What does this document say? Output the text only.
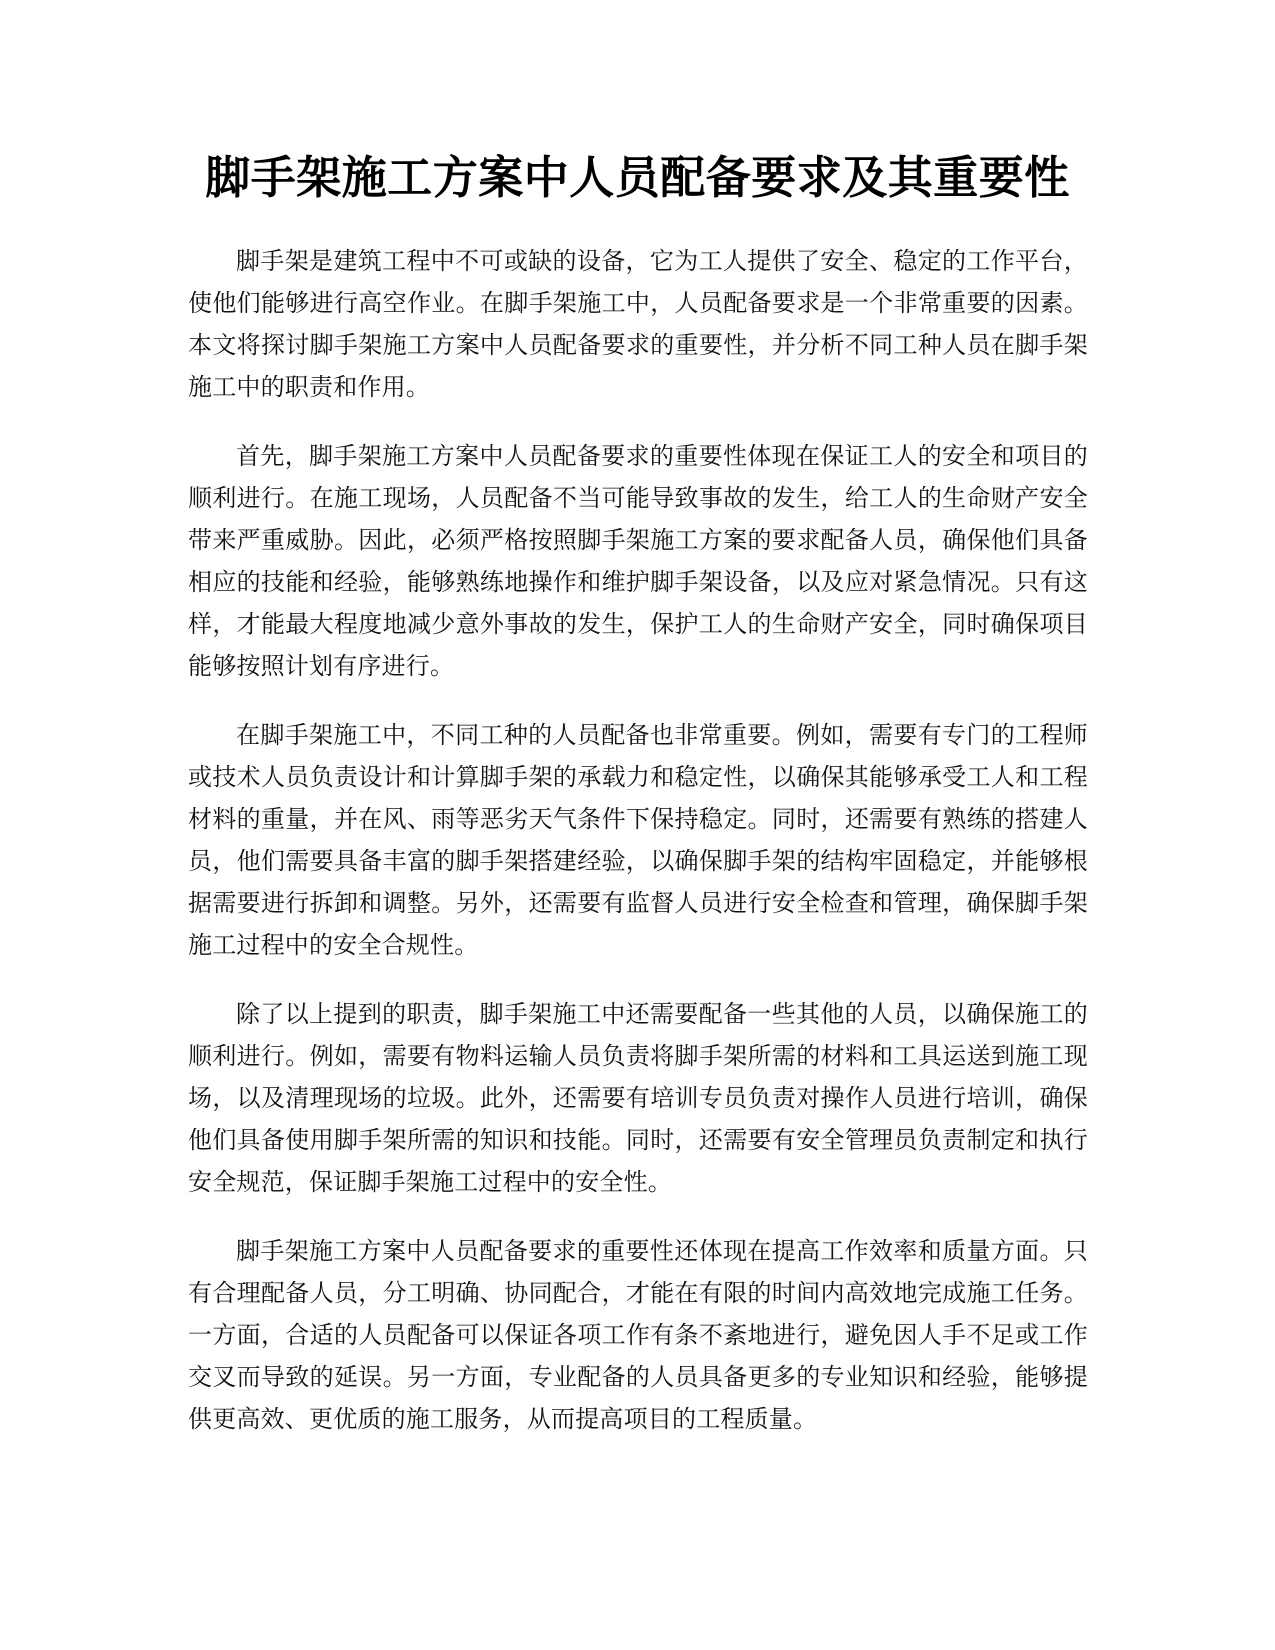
脚手架施工方案中人员配备要求及其重要性

脚手架是建筑工程中不可或缺的设备，它为工人提供了安全、稳定的工作平台，使他们能够进行高空作业。在脚手架施工中，人员配备要求是一个非常重要的因素。本文将探讨脚手架施工方案中人员配备要求的重要性，并分析不同工种人员在脚手架施工中的职责和作用。

首先，脚手架施工方案中人员配备要求的重要性体现在保证工人的安全和项目的顺利进行。在施工现场，人员配备不当可能导致事故的发生，给工人的生命财产安全带来严重威胁。因此，必须严格按照脚手架施工方案的要求配备人员，确保他们具备相应的技能和经验，能够熟练地操作和维护脚手架设备，以及应对紧急情况。只有这样，才能最大程度地减少意外事故的发生，保护工人的生命财产安全，同时确保项目能够按照计划有序进行。

在脚手架施工中，不同工种的人员配备也非常重要。例如，需要有专门的工程师或技术人员负责设计和计算脚手架的承载力和稳定性，以确保其能够承受工人和工程材料的重量，并在风、雨等恶劣天气条件下保持稳定。同时，还需要有熟练的搭建人员，他们需要具备丰富的脚手架搭建经验，以确保脚手架的结构牢固稳定，并能够根据需要进行拆卸和调整。另外，还需要有监督人员进行安全检查和管理，确保脚手架施工过程中的安全合规性。

除了以上提到的职责，脚手架施工中还需要配备一些其他的人员，以确保施工的顺利进行。例如，需要有物料运输人员负责将脚手架所需的材料和工具运送到施工现场，以及清理现场的垃圾。此外，还需要有培训专员负责对操作人员进行培训，确保他们具备使用脚手架所需的知识和技能。同时，还需要有安全管理员负责制定和执行安全规范，保证脚手架施工过程中的安全性。

脚手架施工方案中人员配备要求的重要性还体现在提高工作效率和质量方面。只有合理配备人员，分工明确、协同配合，才能在有限的时间内高效地完成施工任务。一方面，合适的人员配备可以保证各项工作有条不紊地进行，避免因人手不足或工作交叉而导致的延误。另一方面，专业配备的人员具备更多的专业知识和经验，能够提供更高效、更优质的施工服务，从而提高项目的工程质量。
